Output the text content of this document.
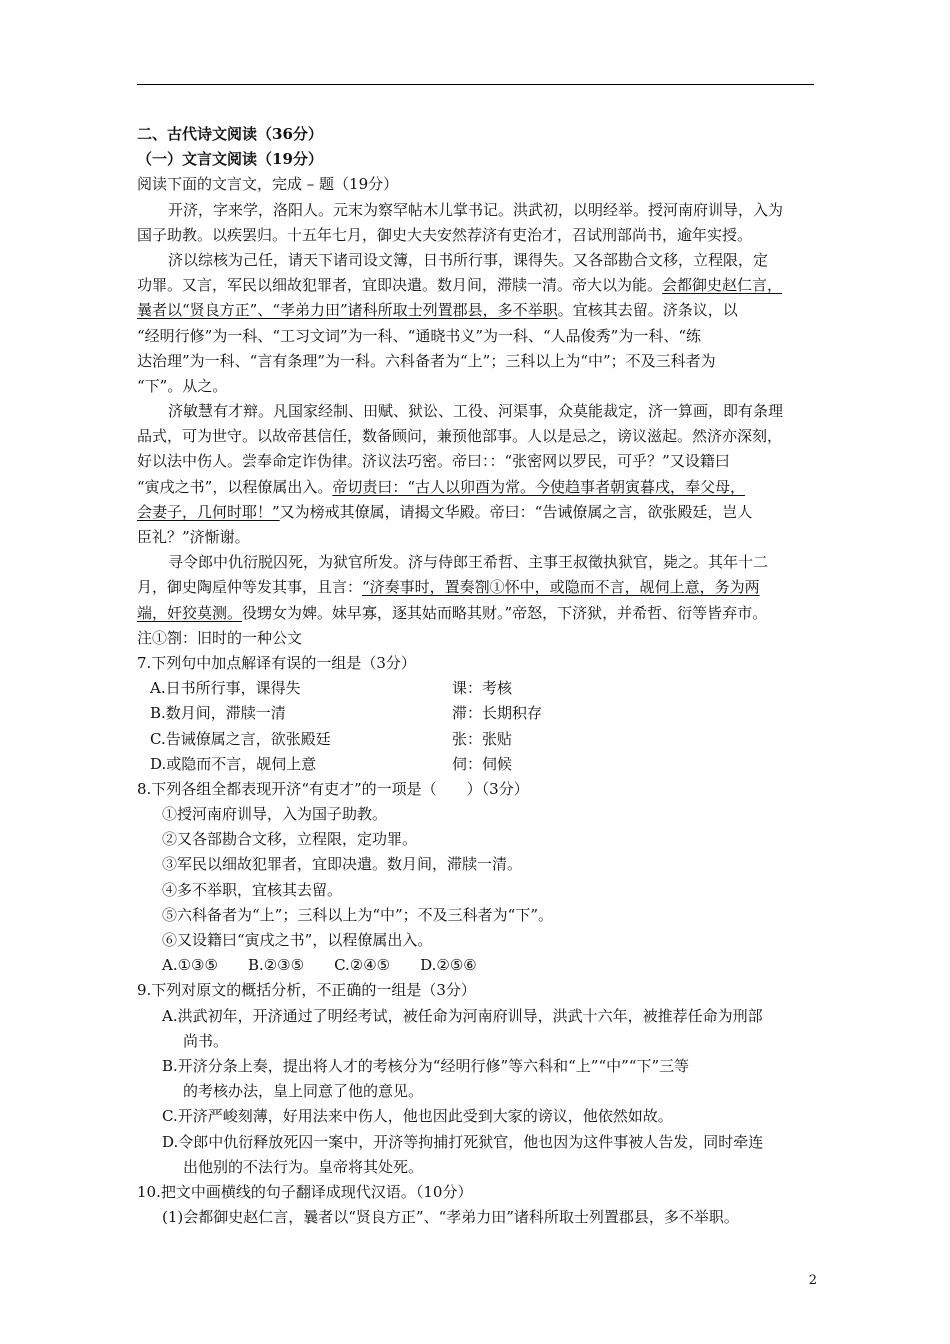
二、古代诗文阅读（36分）
（一）文言文阅读（19分）
阅读下面的文言文，完成 – 题（19分）
开济，字来学，洛阳人。元末为察罕帖木儿掌书记。洪武初，以明经举。授河南府训导，入为
国子助教。以疾罢归。十五年七月，御史大夫安然荐济有吏治才，召试刑部尚书，逾年实授。
济以综核为己任，请天下诸司设文簿，日书所行事，课得失。又各部勘合文移，立程限，定
功罪。又言，军民以细故犯罪者，宜即决遣。数月间，滞牍一清。帝大以为能。会都御史赵仁言，
曩者以“贤良方正”、“孝弟力田”诸科所取士列置郡县，多不举职。宜核其去留。济条议，以
“经明行修”为一科、“工习文词”为一科、“通晓书义”为一科、“人品俊秀”为一科、“练
达治理”为一科、“言有条理”为一科。六科备者为“上”；三科以上为“中”；不及三科者为
“下”。从之。
济敏慧有才辩。凡国家经制、田赋、狱讼、工役、河渠事，众莫能裁定，济一算画，即有条理
品式，可为世守。以故帝甚信任，数备顾问，兼预他部事。人以是忌之，谤议滋起。然济亦深刻，
好以法中伤人。尝奉命定诈伪律。济议法巧密。帝曰：：“张密网以罗民，可乎？”又设籍曰
“寅戌之书”，以程僚属出入。帝切责曰：“古人以卯酉为常。今使趋事者朝寅暮戌，奉父母，
会妻子，几何时耶！”又为榜戒其僚属，请揭文华殿。帝曰：“告诫僚属之言，欲张殿廷，岂人
臣礼？”济惭谢。
寻令郎中仇衍脱囚死，为狱官所发。济与侍郎王希哲、主事王叔徵执狱官，毙之。其年十二
月，御史陶垕仲等发其事，且言：“济奏事时，置奏劄①怀中，或隐而不言，觇伺上意，务为两
端，奸狡莫测。役甥女为婢。妹早寡，逐其姑而略其财。”帝怒，下济狱，并希哲、衍等皆弃市。
注①劄：旧时的一种公文
7.下列句中加点解译有误的一组是（3分）
A.日书所行事，课得失	课：考核
B.数月间，滞牍一清	滞：长期积存
C.告诫僚属之言，欲张殿廷	张：张贴
D.或隐而不言，觇伺上意	伺：伺候
8.下列各组全都表现开济“有吏才”的一项是（　　）（3分）
①授河南府训导，入为国子助教。
②又各部勘合文移，立程限，定功罪。
③军民以细故犯罪者，宜即决遣。数月间，滞牍一清。
④多不举职，宜核其去留。
⑤六科备者为“上”；三科以上为“中”；不及三科者为“下”。
⑥又设籍曰“寅戌之书”，以程僚属出入。
A.①③⑤　　B.②③⑤　　C.②④⑤　　D.②⑤⑥
9.下列对原文的概括分析，不正确的一组是（3分）
A.洪武初年，开济通过了明经考试，被任命为河南府训导，洪武十六年，被推荐任命为刑部
尚书。
B.开济分条上奏，提出将人才的考核分为“经明行修”等六科和“上”“中”“下”三等
的考核办法，皇上同意了他的意见。
C.开济严峻刻薄，好用法来中伤人，他也因此受到大家的谤议，他依然如故。
D.令郎中仇衍释放死囚一案中，开济等拘捕打死狱官，他也因为这件事被人告发，同时牵连
出他别的不法行为。皇帝将其处死。
10.把文中画横线的句子翻译成现代汉语。（10分）
(1)会都御史赵仁言，曩者以“贤良方正”、“孝弟力田”诸科所取士列置郡县，多不举职。
2
